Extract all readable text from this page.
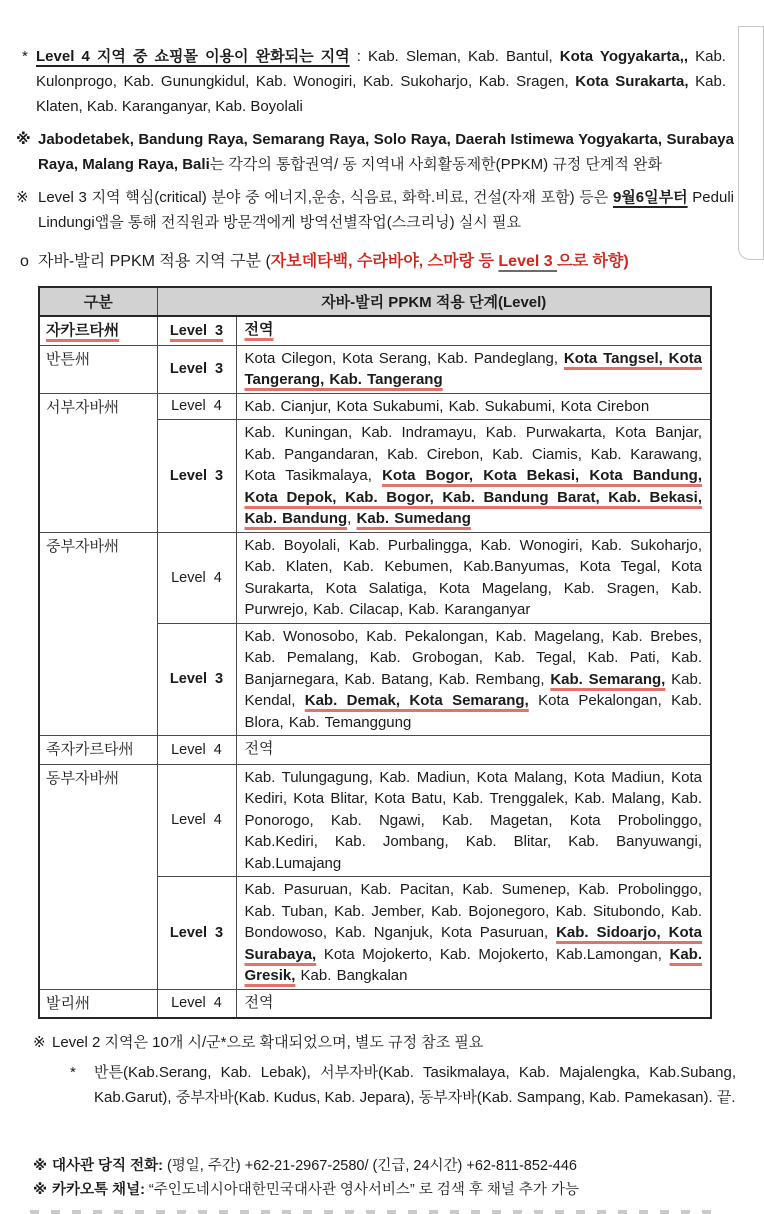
* Level 4 지역 중 쇼핑몰 이용이 완화되는 지역 : Kab. Sleman, Kab. Bantul, Kota Yogyakarta,, Kab. Kulonprogo, Kab. Gunungkidul, Kab. Wonogiri, Kab. Sukoharjo, Kab. Sragen, Kota Surakarta, Kab. Klaten, Kab. Karanganyar, Kab. Boyolali
※ Jabodetabek, Bandung Raya, Semarang Raya, Solo Raya, Daerah Istimewa Yogyakarta, Surabaya Raya, Malang Raya, Bali는 각각의 통합권역/ 동 지역내 사회활동제한(PPKM) 규정 단계적 완화
※ Level 3 지역 핵심(critical) 분야 중 에너지,운송, 식음료, 화학.비료, 건설(자재 포함) 등은 9월6일부터 Peduli Lindungi앱을 통해 전직원과 방문객에게 방역선별작업(스크리닝) 실시 필요
o 자바-발리 PPKM 적용 지역 구분 (자보데타백, 수라바야, 스마랑 등 Level 3 으로 하향)
구분	자바-발리 PPKM 적용 단계(Level)	
자카르타州	Level 3	전역
반튼州	Level 3	Kota Cilegon, Kota Serang, Kab. Pandeglang, Kota Tangsel, Kota Tangerang, Kab. Tangerang
서부자바州	Level 4	Kab. Cianjur, Kota Sukabumi, Kab. Sukabumi, Kota Cirebon
	Level 3	Kab. Kuningan, Kab. Indramayu, Kab. Purwakarta, Kota Banjar, Kab. Pangandaran, Kab. Cirebon, Kab. Ciamis, Kab. Karawang, Kota Tasikmalaya, Kota Bogor, Kota Bekasi, Kota Bandung, Kota Depok, Kab. Bogor, Kab. Bandung Barat, Kab. Bekasi, Kab. Bandung, Kab. Sumedang
중부자바州	Level 4	Kab. Boyolali, Kab. Purbalingga, Kab. Wonogiri, Kab. Sukoharjo, Kab. Klaten, Kab. Kebumen, Kab.Banyumas, Kota Tegal, Kota Surakarta, Kota Salatiga, Kota Magelang, Kab. Sragen, Kab. Purwrejo, Kab. Cilacap, Kab. Karanganyar
	Level 3	Kab. Wonosobo, Kab. Pekalongan, Kab. Magelang, Kab. Brebes, Kab. Pemalang, Kab. Grobogan, Kab. Tegal, Kab. Pati, Kab. Banjarnegara, Kab. Batang, Kab. Rembang, Kab. Semarang, Kab. Kendal, Kab. Demak, Kota Semarang, Kota Pekalongan, Kab. Blora, Kab. Temanggung
족자카르타州	Level 4	전역
동부자바州	Level 4	Kab. Tulungagung, Kab. Madiun, Kota Malang, Kota Madiun, Kota Kediri, Kota Blitar, Kota Batu, Kab. Trenggalek, Kab. Malang, Kab. Ponorogo, Kab. Ngawi, Kab. Magetan, Kota Probolinggo, Kab.Kediri, Kab. Jombang, Kab. Blitar, Kab. Banyuwangi, Kab.Lumajang
	Level 3	Kab. Pasuruan, Kab. Pacitan, Kab. Sumenep, Kab. Probolinggo, Kab. Tuban, Kab. Jember, Kab. Bojonegoro, Kab. Situbondo, Kab. Bondowoso, Kab. Nganjuk, Kota Pasuruan, Kab. Sidoarjo, Kota Surabaya, Kota Mojokerto, Kab. Mojokerto, Kab.Lamongan, Kab. Gresik, Kab. Bangkalan
발리州	Level 4	전역
※ Level 2 지역은 10개 시/군*으로 확대되었으며, 별도 규정 참조 필요
* 반튼(Kab.Serang, Kab. Lebak), 서부자바(Kab. Tasikmalaya, Kab. Majalengka, Kab.Subang, Kab.Garut), 중부자바(Kab. Kudus, Kab. Jepara), 동부자바(Kab. Sampang, Kab. Pamekasan). 끝.
※ 대사관 당직 전화: (평일, 주간) +62-21-2967-2580/ (긴급, 24시간) +62-811-852-446
※ 카카오톡 채널: “주인도네시아대한민국대사관 영사서비스” 로 검색 후 채널 추가 가능
